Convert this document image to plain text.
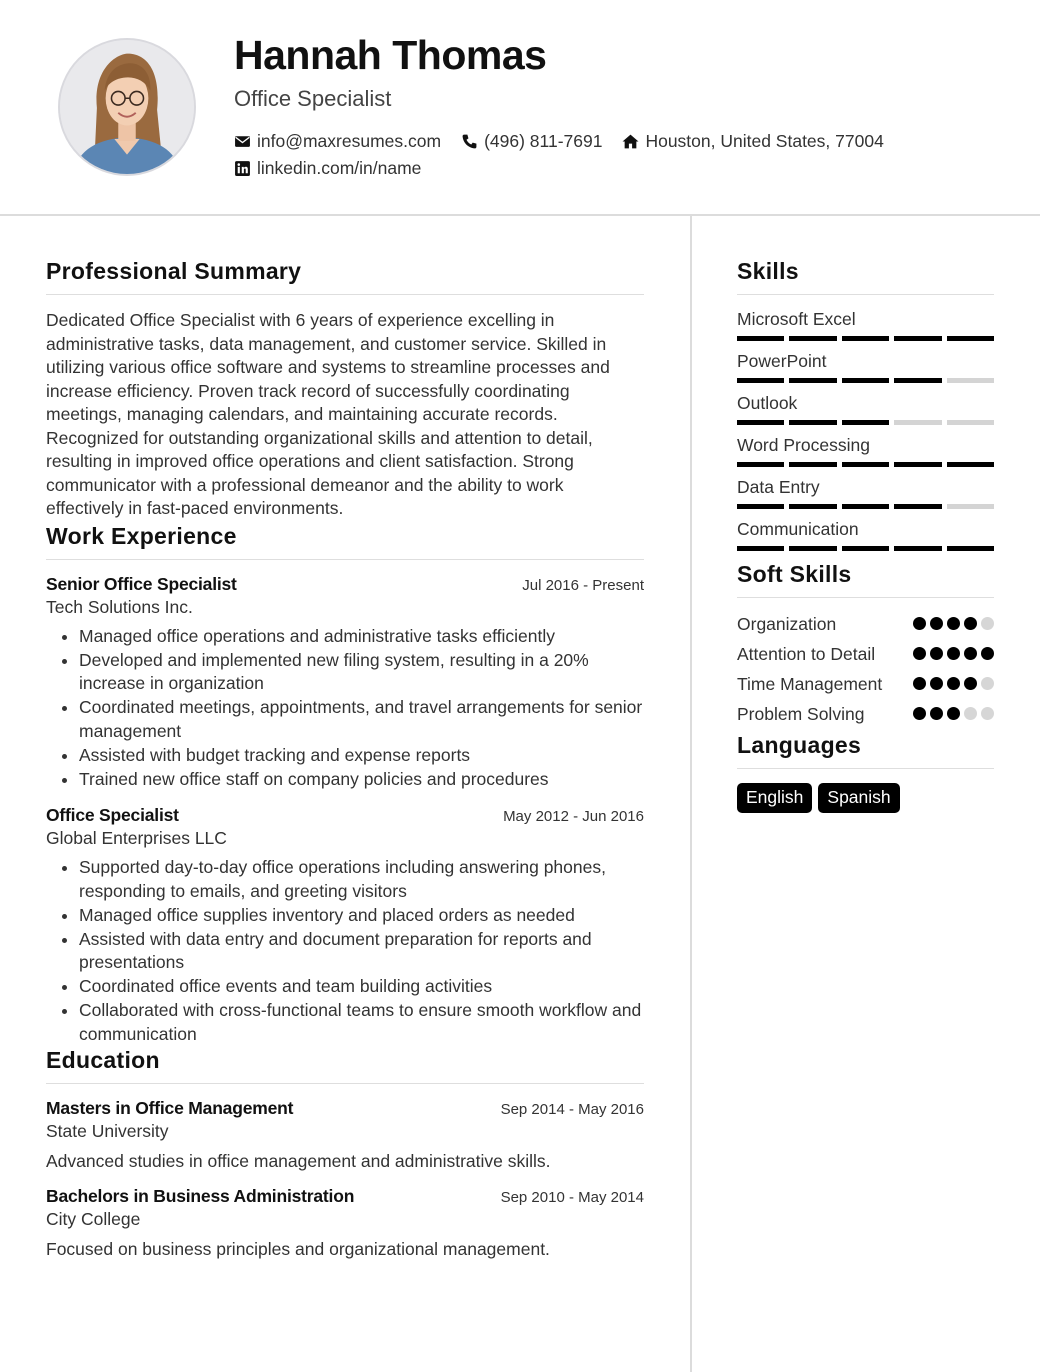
Hannah Thomas
Office Specialist
info@maxresumes.com (496) 811-7691 Houston, United States, 77004
linkedin.com/in/name
Professional Summary

Dedicated Office Specialist with 6 years of experience excelling in administrative tasks, data management, and customer service. Skilled in utilizing various office software and systems to streamline processes and increase efficiency. Proven track record of successfully coordinating meetings, managing calendars, and maintaining accurate records. Recognized for outstanding organizational skills and attention to detail, resulting in improved office operations and client satisfaction. Strong communicator with a professional demeanor and the ability to work effectively in fast-paced environments.

Work Experience
Senior Office Specialist	Jul 2016 - Present
Tech Solutions Inc.
• Managed office operations and administrative tasks efficiently
• Developed and implemented new filing system, resulting in a 20% increase in organization
• Coordinated meetings, appointments, and travel arrangements for senior management
• Assisted with budget tracking and expense reports
• Trained new office staff on company policies and procedures
Office Specialist	May 2012 - Jun 2016
Global Enterprises LLC
• Supported day-to-day office operations including answering phones, responding to emails, and greeting visitors
• Managed office supplies inventory and placed orders as needed
• Assisted with data entry and document preparation for reports and presentations
• Coordinated office events and team building activities
• Collaborated with cross-functional teams to ensure smooth workflow and communication
Education
Masters in Office Management	Sep 2014 - May 2016
State University
Advanced studies in office management and administrative skills.
Bachelors in Business Administration	Sep 2010 - May 2014
City College
Focused on business principles and organizational management.
Skills
Microsoft Excel
PowerPoint
Outlook
Word Processing
Data Entry
Communication
Soft Skills
Organization
Attention to Detail
Time Management
Problem Solving
Languages
English	Spanish
